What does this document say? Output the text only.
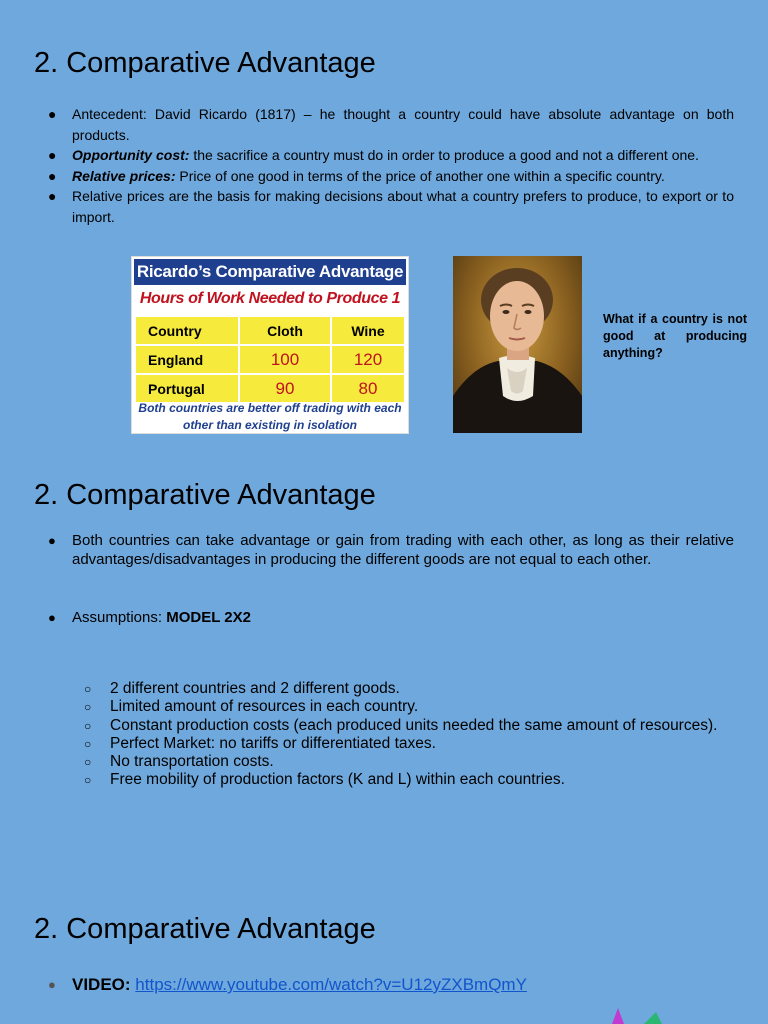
2. Comparative Advantage
● Antecedent: David Ricardo (1817) – he thought a country could have absolute advantage on both products.
● Opportunity cost: the sacrifice a country must do in order to produce a good and not a different one.
● Relative prices: Price of one good in terms of the price of another one within a specific country.
● Relative prices are the basis for making decisions about what a country prefers to produce, to export or to import.
Ricardo’s Comparative Advantage
Hours of Work Needed to Produce 1
Country	Cloth	Wine
England	100	120
Portugal	90	80
Both countries are better off trading with each other than existing in isolation
What if a country is not good at producing anything?
2. Comparative Advantage
● Both countries can take advantage or gain from trading with each other, as long as their relative advantages/disadvantages in producing the different goods are not equal to each other.
● Assumptions: MODEL 2X2
○ 2 different countries and 2 different goods.
○ Limited amount of resources in each country.
○ Constant production costs (each produced units needed the same amount of resources).
○ Perfect Market: no tariffs or differentiated taxes.
○ No transportation costs.
○ Free mobility of production factors (K and L) within each countries.
2. Comparative Advantage
● VIDEO: https://www.youtube.com/watch?v=U12yZXBmQmY
